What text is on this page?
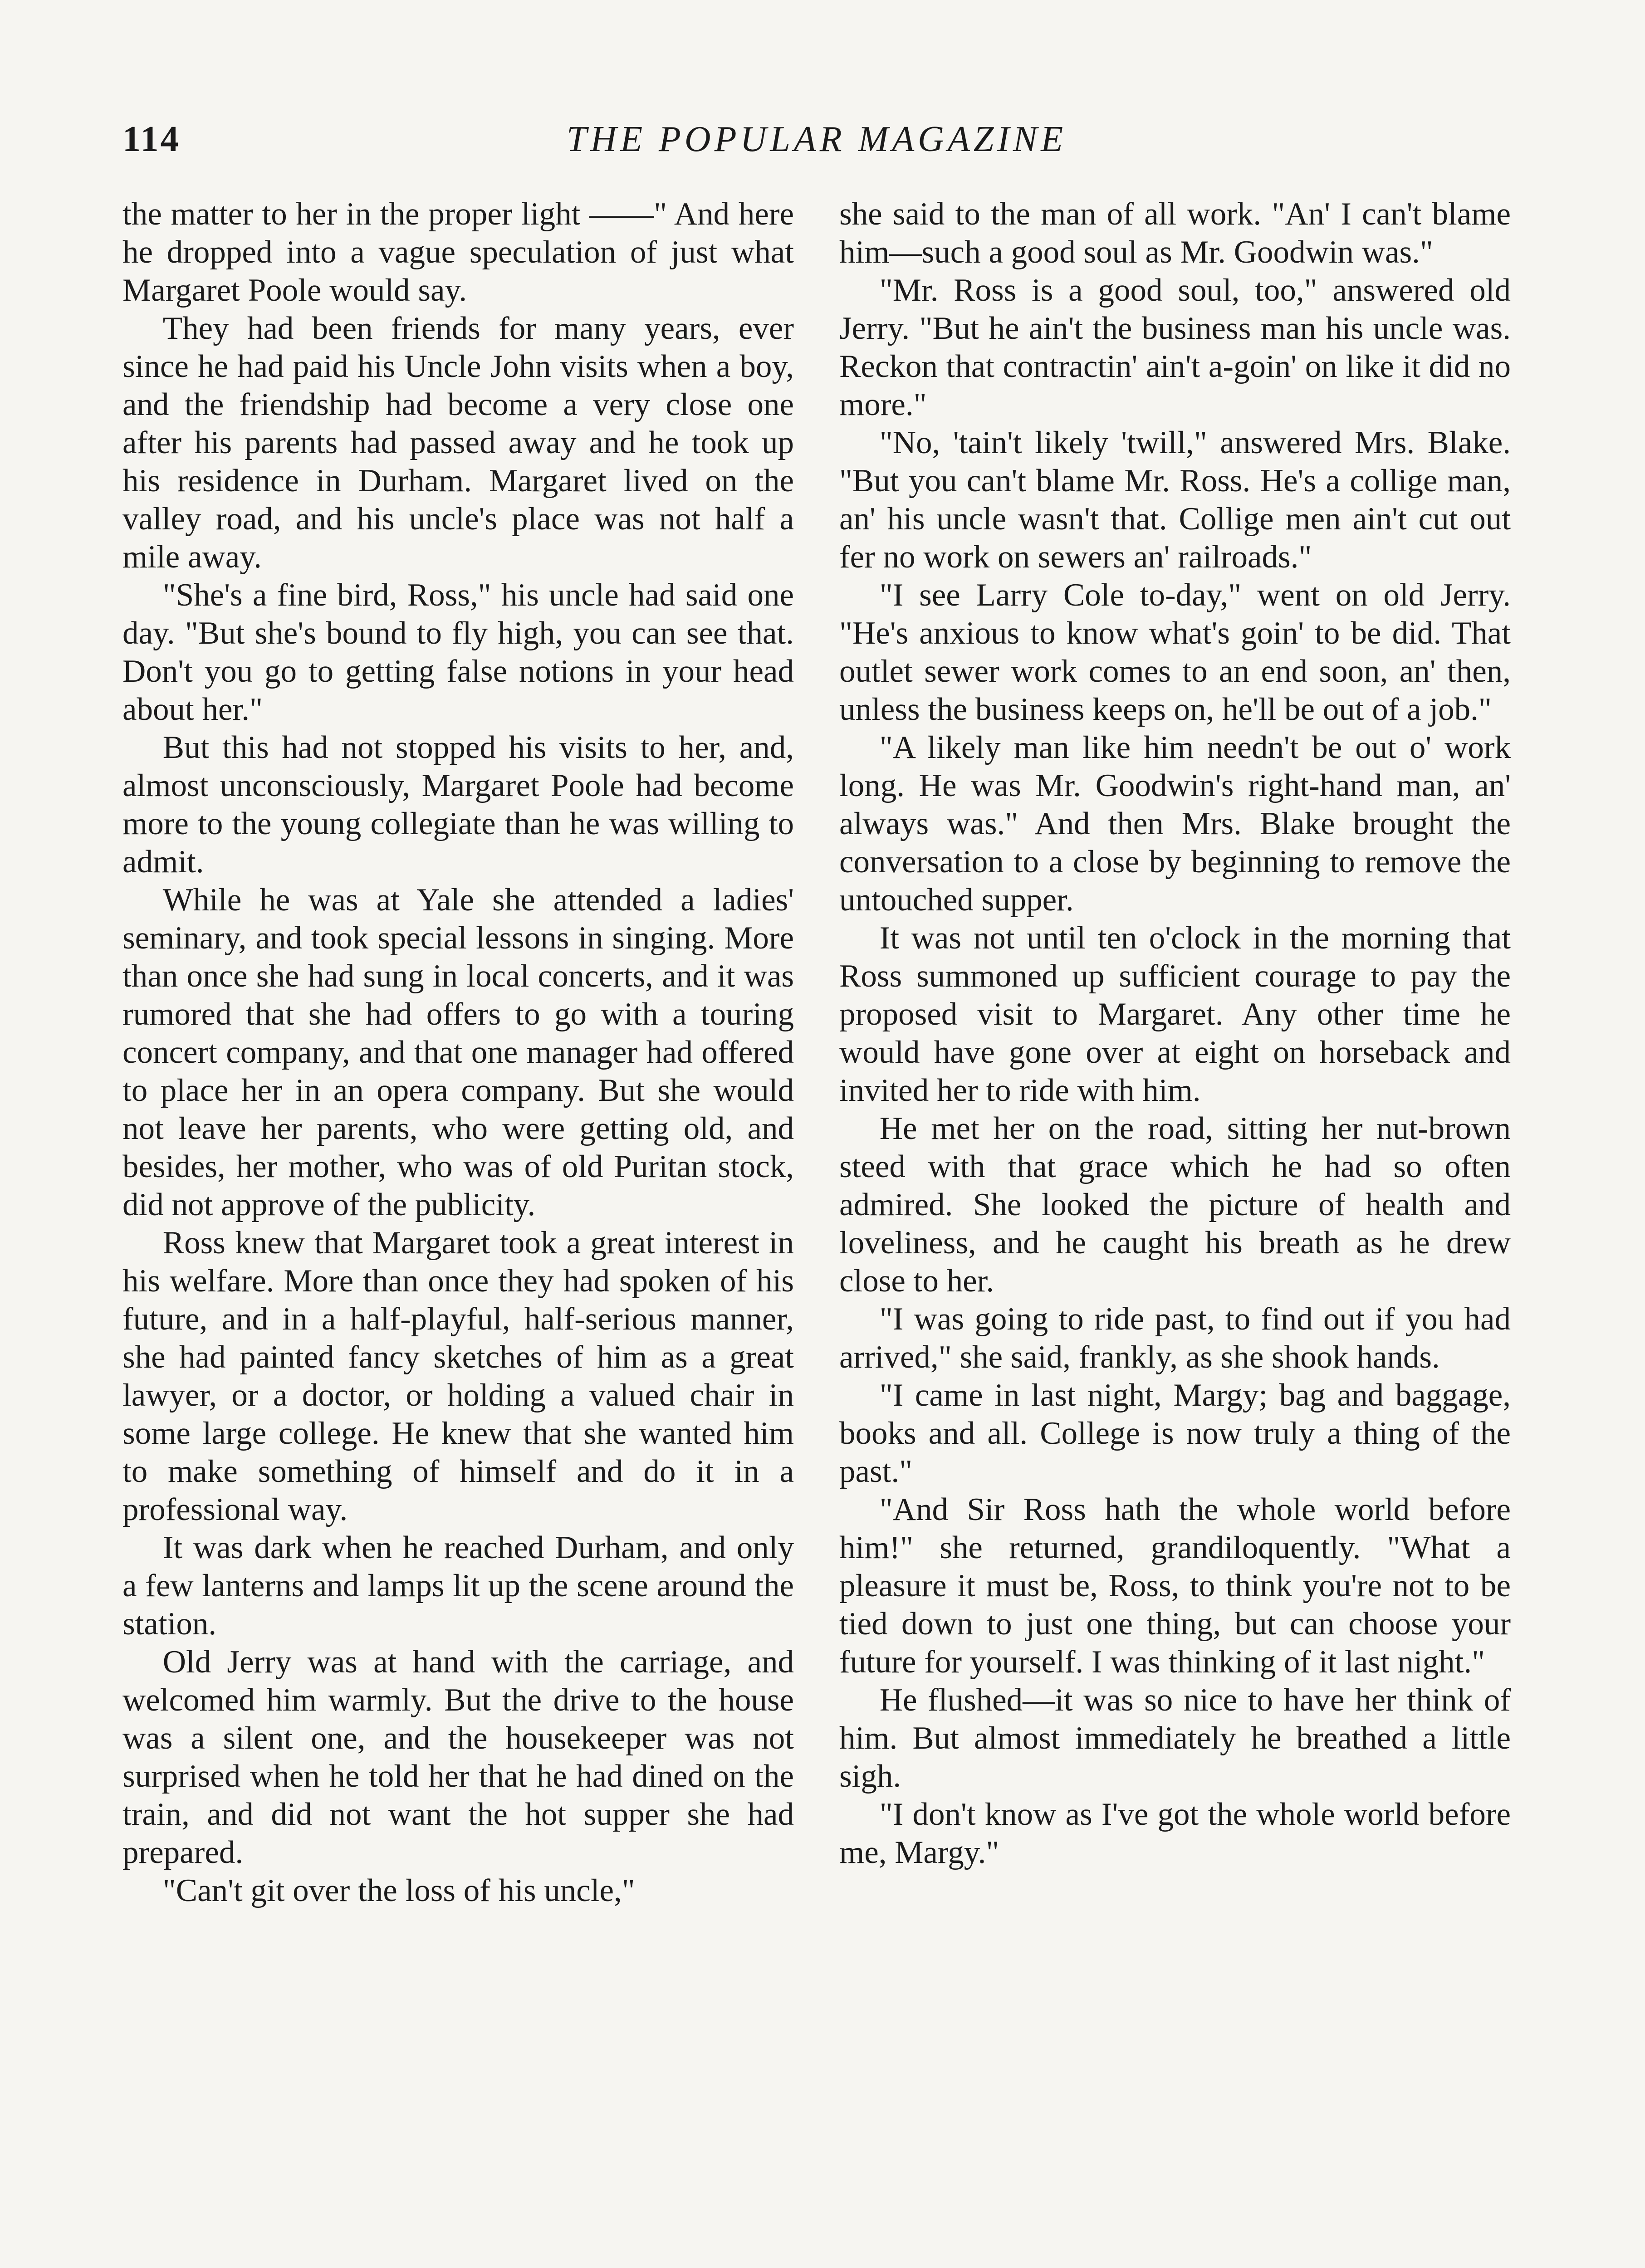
114	THE POPULAR MAGAZINE

the matter to her in the proper light ——" And here he dropped into a vague speculation of just what Margaret Poole would say.

They had been friends for many years, ever since he had paid his Uncle John visits when a boy, and the friendship had become a very close one after his parents had passed away and he took up his residence in Durham. Margaret lived on the valley road, and his uncle's place was not half a mile away.

"She's a fine bird, Ross," his uncle had said one day. "But she's bound to fly high, you can see that. Don't you go to getting false notions in your head about her."

But this had not stopped his visits to her, and, almost unconsciously, Margaret Poole had become more to the young collegiate than he was willing to admit.

While he was at Yale she attended a ladies' seminary, and took special lessons in singing. More than once she had sung in local concerts, and it was rumored that she had offers to go with a touring concert company, and that one manager had offered to place her in an opera company. But she would not leave her parents, who were getting old, and besides, her mother, who was of old Puritan stock, did not approve of the publicity.

Ross knew that Margaret took a great interest in his welfare. More than once they had spoken of his future, and in a half-playful, half-serious manner, she had painted fancy sketches of him as a great lawyer, or a doctor, or holding a valued chair in some large college. He knew that she wanted him to make something of himself and do it in a professional way.

It was dark when he reached Durham, and only a few lanterns and lamps lit up the scene around the station.

Old Jerry was at hand with the carriage, and welcomed him warmly. But the drive to the house was a silent one, and the housekeeper was not surprised when he told her that he had dined on the train, and did not want the hot supper she had prepared.

"Can't git over the loss of his uncle,"

she said to the man of all work. "An' I can't blame him—such a good soul as Mr. Goodwin was."

"Mr. Ross is a good soul, too," answered old Jerry. "But he ain't the business man his uncle was. Reckon that contractin' ain't a-goin' on like it did no more."

"No, 'tain't likely 'twill," answered Mrs. Blake. "But you can't blame Mr. Ross. He's a collige man, an' his uncle wasn't that. Collige men ain't cut out fer no work on sewers an' railroads."

"I see Larry Cole to-day," went on old Jerry. "He's anxious to know what's goin' to be did. That outlet sewer work comes to an end soon, an' then, unless the business keeps on, he'll be out of a job."

"A likely man like him needn't be out o' work long. He was Mr. Goodwin's right-hand man, an' always was." And then Mrs. Blake brought the conversation to a close by beginning to remove the untouched supper.

It was not until ten o'clock in the morning that Ross summoned up sufficient courage to pay the proposed visit to Margaret. Any other time he would have gone over at eight on horseback and invited her to ride with him.

He met her on the road, sitting her nut-brown steed with that grace which he had so often admired. She looked the picture of health and loveliness, and he caught his breath as he drew close to her.

"I was going to ride past, to find out if you had arrived," she said, frankly, as she shook hands.

"I came in last night, Margy; bag and baggage, books and all. College is now truly a thing of the past."

"And Sir Ross hath the whole world before him!" she returned, grandiloquently. "What a pleasure it must be, Ross, to think you're not to be tied down to just one thing, but can choose your future for yourself. I was thinking of it last night."

He flushed—it was so nice to have her think of him. But almost immediately he breathed a little sigh.

"I don't know as I've got the whole world before me, Margy."
